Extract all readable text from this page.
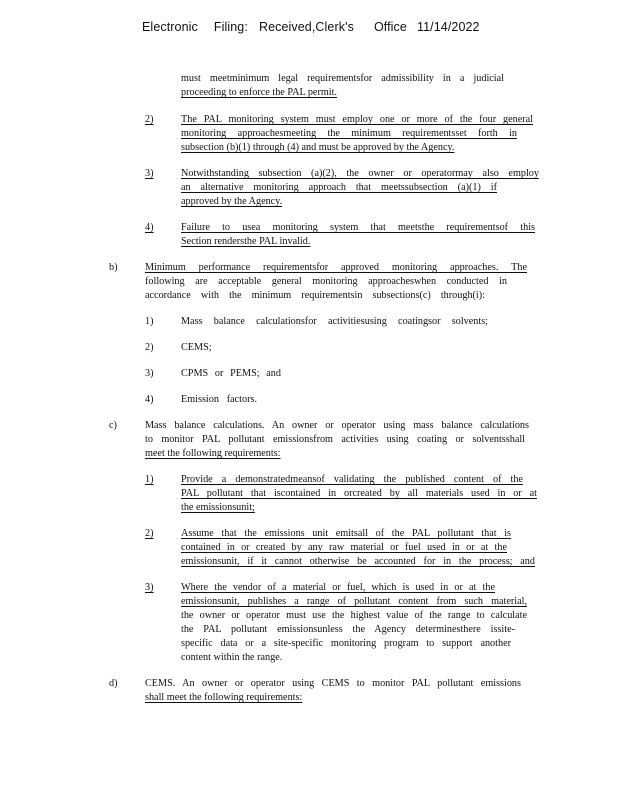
Electronic Filing: Received,Clerk's Office 11/14/2022
must meetminimum legal requirementsfor admissibility in a judicial
proceeding to enforce the PAL permit.
2)	The PAL monitoring system must employ one or more of the four general
monitoring approachesmeeting the minimum requirementsset forth in
subsection (b)(1) through (4) and must be approved by the Agency.
3)	Notwithstanding subsection (a)(2), the owner or operatormay also employ
an alternative monitoring approach that meetssubsection (a)(1) if
approved by the Agency.
4)	Failure to usea monitoring system that meetsthe requirementsof this
Section rendersthe PAL invalid.
b)	Minimum performance requirementsfor approved monitoring approaches. The
following are acceptable general monitoring approacheswhen conducted in
accordance with the minimum requirementsin subsections(c) through(i):
1)	Mass balance calculationsfor activitiesusing coatingsor solvents;
2)	CEMS;
3)	CPMS or PEMS; and
4)	Emission factors.
c)	Mass balance calculations. An owner or operator using mass balance calculations
to monitor PAL pollutant emissionsfrom activities using coating or solventsshall
meet the following requirements:
1)	Provide a demonstratedmeansof validating the published content of the
PAL pollutant that iscontained in orcreated by all materials used in or at
the emissionsunit;
2)	Assume that the emissions unit emitsall of the PAL pollutant that is
contained in or created by any raw material or fuel used in or at the
emissionsunit, if it cannot otherwise be accounted for in the process; and
3)	Where the vendor of a material or fuel, which is used in or at the
emissionsunit, publishes a range of pollutant content from such material,
the owner or operator must use the highest value of the range to calculate
the PAL pollutant emissionsunless the Agency determinesthere issite-
specific data or a site-specific monitoring program to support another
content within the range.
d)	CEMS. An owner or operator using CEMS to monitor PAL pollutant emissions
shall meet the following requirements:
